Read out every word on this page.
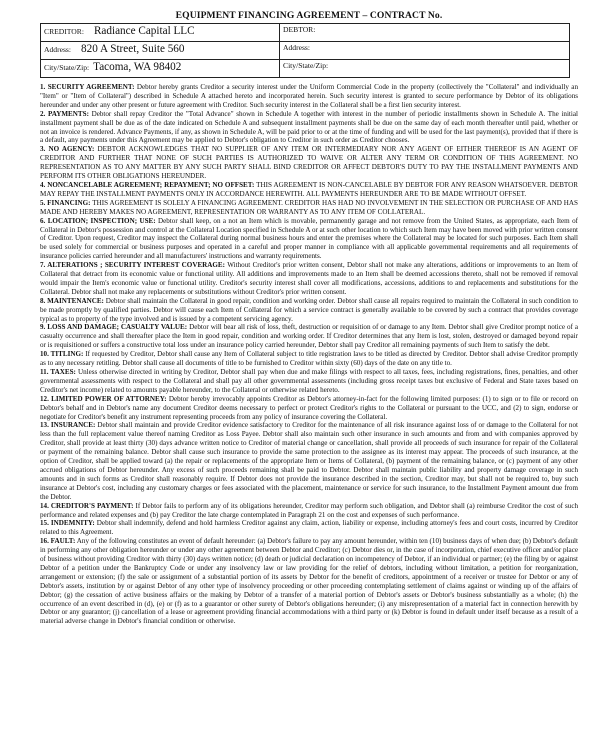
EQUIPMENT FINANCING AGREEMENT – CONTRACT No.
CREDITOR: Radiance Capital LLC	DEBTOR:
Address: 820 A Street, Suite 560	Address:
City/State/Zip: Tacoma, WA 98402	City/State/Zip:

1. SECURITY AGREEMENT: Debtor hereby grants Creditor a security interest under the Uniform Commercial Code in the property (collectively the "Collateral" and individually an "Item" or "Item of Collateral") described in Schedule A attached hereto and incorporated herein. Such security interest is granted to secure performance by Debtor of its obligations hereunder and under any other present or future agreement with Creditor. Such security interest in the Collateral shall be a first lien security interest.

2. PAYMENTS: Debtor shall repay Creditor the "Total Advance" shown in Schedule A together with interest in the number of periodic installments shown in Schedule A. The initial installment payment shall be due as of the date indicated on Schedule A and subsequent installment payments shall be due on the same day of each month thereafter until paid, whether or not an invoice is rendered. Advance Payments, if any, as shown in Schedule A, will be paid prior to or at the time of funding and will be used for the last payment(s), provided that if there is a default, any payments under this Agreement may be applied to Debtor's obligation to Creditor in such order as Creditor chooses.

3. NO AGENCY: DEBTOR ACKNOWLEDGES THAT NO SUPPLIER OF ANY ITEM OR INTERMEDIARY NOR ANY AGENT OF EITHER THEREOF IS AN AGENT OF CREDITOR AND FURTHER THAT NONE OF SUCH PARTIES IS AUTHORIZED TO WAIVE OR ALTER ANY TERM OR CONDITION OF THIS AGREEMENT. NO REPRESENTATION AS TO ANY MATTER BY ANY SUCH PARTY SHALL BIND CREDITOR OR AFFECT DEBTOR'S DUTY TO PAY THE INSTALLMENT PAYMENTS AND PERFORM ITS OTHER OBLIGATIONS HEREUNDER.

4. NONCANCELABLE AGREEMENT; REPAYMENT; NO OFFSET: THIS AGREEMENT IS NON-CANCELABLE BY DEBTOR FOR ANY REASON WHATSOEVER. DEBTOR MAY REPAY THE INSTALLMENT PAYMENTS ONLY IN ACCORDANCE HEREWITH. ALL PAYMENTS HEREUNDER ARE TO BE MADE WITHOUT OFFSET.

5. FINANCING: THIS AGREEMENT IS SOLELY A FINANCING AGREEMENT. CREDITOR HAS HAD NO INVOLVEMENT IN THE SELECTION OR PURCHASE OF AND HAS MADE AND HEREBY MAKES NO AGREEMENT, REPRESENTATION OR WARRANTY AS TO ANY ITEM OF COLLATERAL.

6. LOCATION; INSPECTION; USE: Debtor shall keep, on a not an Item which is movable, permanently garage and not remove from the United States, as appropriate, each Item of Collateral in Debtor's possession and control at the Collateral Location specified in Schedule A or at such other location to which such Item may have been moved with prior written consent of Creditor. Upon request, Creditor may inspect the Collateral during normal business hours and enter the premises where the Collateral may be located for such purposes. Each Item shall be used solely for commercial or business purposes and operated in a careful and proper manner in compliance with all applicable governmental requirements and all requirements of insurance policies carried hereunder and all manufacturers' instructions and warranty requirements.

7. ALTERATIONS ; SECURITY INTEREST COVERAGE: Without Creditor's prior written consent, Debtor shall not make any alterations, additions or improvements to an Item of Collateral that detract from its economic value or functional utility. All additions and improvements made to an Item shall be deemed accessions thereto, shall not be removed if removal would impair the Item's economic value or functional utility. Creditor's security interest shall cover all modifications, accessions, additions to and replacements and substitutions for the Collateral. Debtor shall not make any replacements or substitutions without Creditor's prior written consent.

8. MAINTENANCE: Debtor shall maintain the Collateral in good repair, condition and working order. Debtor shall cause all repairs required to maintain the Collateral in such condition to be made promptly by qualified parties. Debtor will cause each Item of Collateral for which a service contract is generally available to be covered by such a contract that provides coverage typical as to property of the type involved and is issued by a competent servicing agency.

9. LOSS AND DAMAGE; CASUALTY VALUE: Debtor will bear all risk of loss, theft, destruction or requisition of or damage to any Item. Debtor shall give Creditor prompt notice of a casualty occurrence and shall thereafter place the Item in good repair, condition and working order. If Creditor determines that any Item is lost, stolen, destroyed or damaged beyond repair or is requisitioned or suffers a constructive total loss under an insurance policy carried hereunder, Debtor shall pay Creditor all remaining payments of such Item to satisfy the debt.

10. TITLING: If requested by Creditor, Debtor shall cause any Item of Collateral subject to title registration laws to be titled as directed by Creditor. Debtor shall advise Creditor promptly as to any necessary retitling. Debtor shall cause all documents of title to be furnished to Creditor within sixty (60) days of the date on any title to.

11. TAXES: Unless otherwise directed in writing by Creditor, Debtor shall pay when due and make filings with respect to all taxes, fees, including registrations, fines, penalties, and other governmental assessments with respect to the Collateral and shall pay all other governmental assessments (including gross receipt taxes but exclusive of Federal and State taxes based on Creditor's net income) related to amounts payable hereunder, to the Collateral or otherwise related hereto.

12. LIMITED POWER OF ATTORNEY: Debtor hereby irrevocably appoints Creditor as Debtor's attorney-in-fact for the following limited purposes: (1) to sign or to file or record on Debtor's behalf and in Debtor's name any document Creditor deems necessary to perfect or protect Creditor's rights to the Collateral or pursuant to the UCC, and (2) to sign, endorse or negotiate for Creditor's benefit any instrument representing proceeds from any policy of insurance covering the Collateral.

13. INSURANCE: Debtor shall maintain and provide Creditor evidence satisfactory to Creditor for the maintenance of all risk insurance against loss of or damage to the Collateral for not less than the full replacement value thereof naming Creditor as Loss Payee. Debtor shall also maintain such other insurance in such amounts and from and with companies approved by Creditor, shall provide at least thirty (30) days advance written notice to Creditor of material change or cancellation, shall provide all proceeds of such insurance for repair of the Collateral or payment of the remaining balance. Debtor shall cause such insurance to provide the same protection to the assignee as its interest may appear. The proceeds of such insurance, at the option of Creditor, shall be applied toward (a) the repair or replacements of the appropriate Item or Items of Collateral, (b) payment of the remaining balance, or (c) payment of any other accrued obligations of Debtor hereunder. Any excess of such proceeds remaining shall be paid to Debtor. Debtor shall maintain public liability and property damage coverage in such amounts and in such forms as Creditor shall reasonably require. If Debtor does not provide the insurance described in the section, Creditor may, but shall not be required to, buy such insurance at Debtor's cost, including any customary charges or fees associated with the placement, maintenance or service for such insurance, to the Installment Payment amount due from the Debtor.

14. CREDITOR'S PAYMENT: If Debtor fails to perform any of its obligations hereunder, Creditor may perform such obligation, and Debtor shall (a) reimburse Creditor the cost of such performance and related expenses and (b) pay Creditor the late charge contemplated in Paragraph 21 on the cost and expenses of such performance.

15. INDEMNITY: Debtor shall indemnify, defend and hold harmless Creditor against any claim, action, liability or expense, including attorney's fees and court costs, incurred by Creditor related to this Agreement.

16. FAULT: Any of the following constitutes an event of default hereunder: (a) Debtor's failure to pay any amount hereunder, within ten (10) business days of when due; (b) Debtor's default in performing any other obligation hereunder or under any other agreement between Debtor and Creditor; (c) Debtor dies or, in the case of incorporation, chief executive officer and/or place of business without providing Creditor with thirty (30) days written notice; (d) death or judicial declaration on incompetency of Debtor, if an individual or partner; (e) the filing by or against Debtor of a petition under the Bankruptcy Code or under any insolvency law or law providing for the relief of debtors, including without limitation, a petition for reorganization, arrangement or extension; (f) the sale or assignment of a substantial portion of its assets by Debtor for the benefit of creditors, appointment of a receiver or trustee for Debtor or any of Debtor's assets, institution by or against Debtor of any other type of insolvency proceeding or other proceeding contemplating settlement of claims against or winding up of the affairs of Debtor; (g) the cessation of active business affairs or the making by Debtor of a transfer of a material portion of Debtor's assets or Debtor's business substantially as a whole; (h) the occurrence of an event described in (d), (e) or (f) as to a guarantor or other surety of Debtor's obligations hereunder; (i) any misrepresentation of a material fact in connection herewith by Debtor or any guarantor; (j) cancellation of a lease or agreement providing financial accommodations with a third party or (k) Debtor is found in default under itself because as a result of a material adverse change in Debtor's financial condition or otherwise.
